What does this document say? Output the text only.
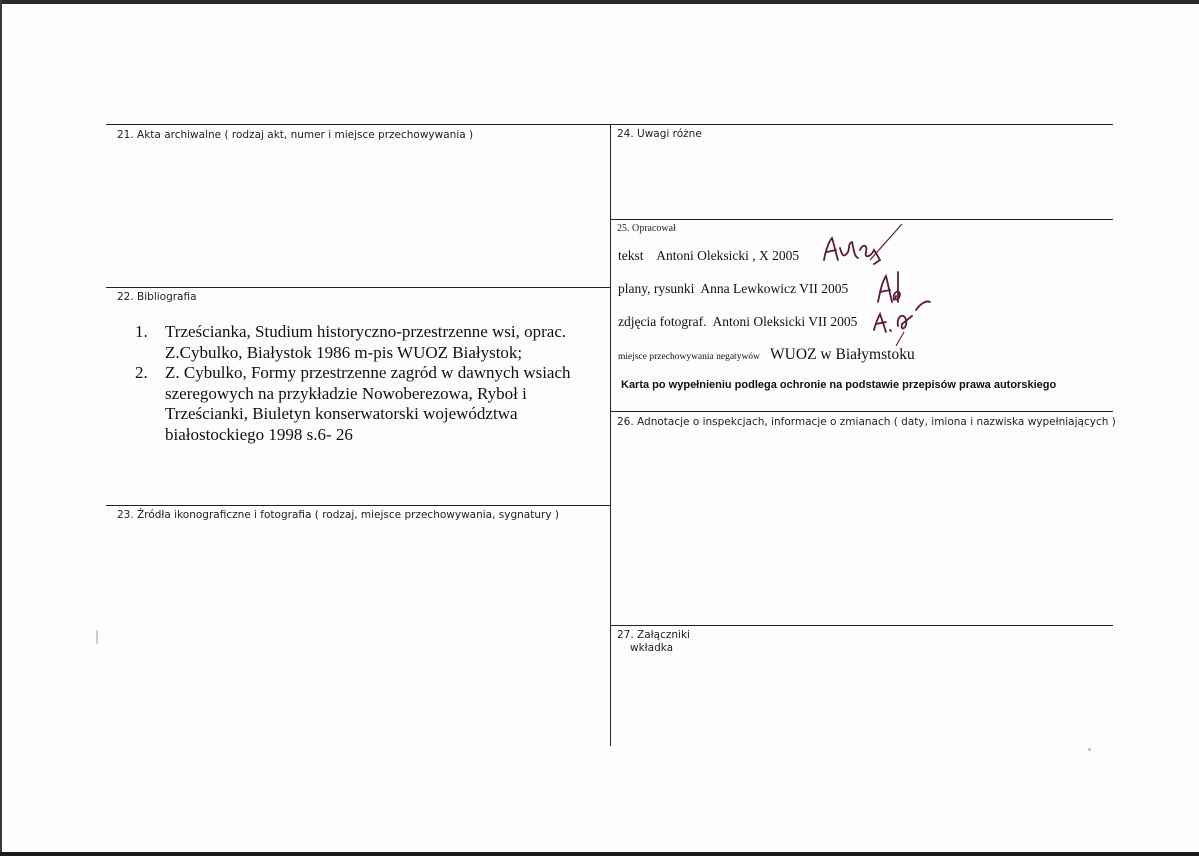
21. Akta archiwalne ( rodzaj akt, numer i miejsce przechowywania )
22. Bibliografia
1. Trześcianka, Studium historyczno-przestrzenne wsi, oprac. Z.Cybulko, Białystok 1986 m-pis WUOZ Białystok;
2. Z. Cybulko, Formy przestrzenne zagród w dawnych wsiach szeregowych na przykładzie Nowoberezowa, Ryboł i Trześcianki, Biuletyn konserwatorski województwa białostockiego 1998 s.6- 26
23. Źródła ikonograficzne i fotografia ( rodzaj, miejsce przechowywania, sygnatury )
24. Uwagi różne
25. Opracował
tekst Antoni Oleksicki , X 2005
plany, rysunki Anna Lewkowicz VII 2005
zdjęcia fotograf. Antoni Oleksicki VII 2005
miejsce przechowywania negatywów WUOZ w Białymstoku
Karta po wypełnieniu podlega ochronie na podstawie przepisów prawa autorskiego
26. Adnotacje o inspekcjach, informacje o zmianach ( daty, imiona i nazwiska wypełniających )
27. Załączniki
wkładka
